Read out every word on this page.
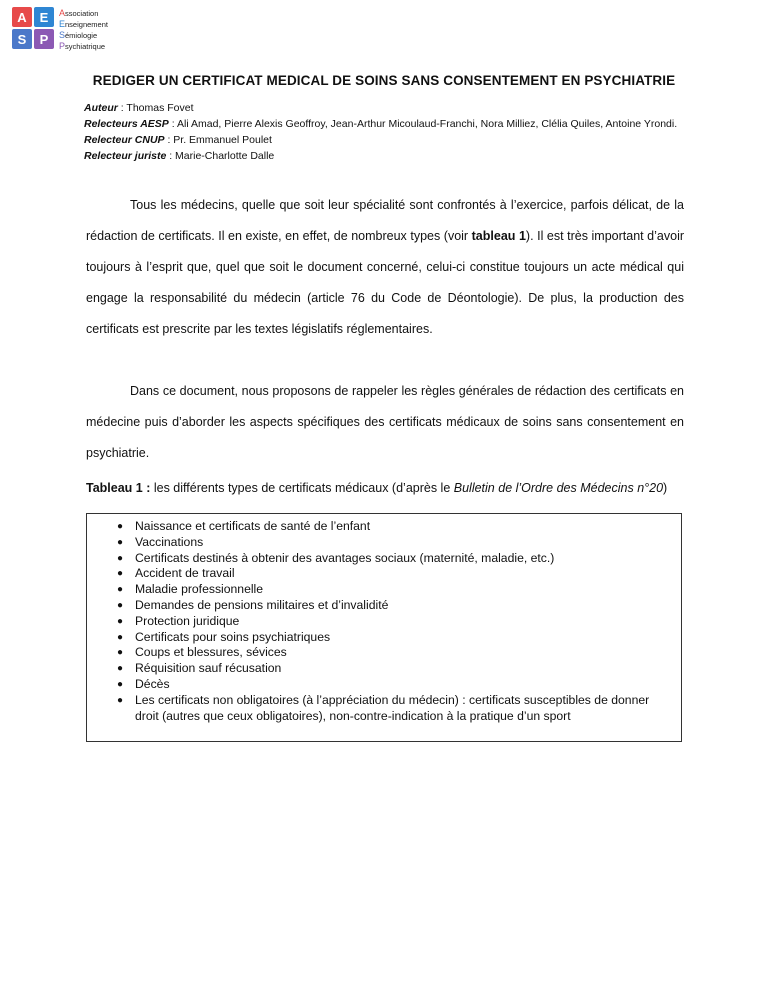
A E
S	P
Association
Enseignement
Sémiologie
Psychiatrique
REDIGER UN CERTIFICAT MEDICAL DE SOINS SANS CONSENTEMENT EN PSYCHIATRIE
Auteur : Thomas Fovet
Relecteurs AESP : Ali Amad, Pierre Alexis Geoffroy, Jean-Arthur Micoulaud-Franchi, Nora Milliez, Clélia Quiles, Antoine Yrondi.
Relecteur CNUP : Pr. Emmanuel Poulet
Relecteur juriste : Marie-Charlotte Dalle

Tous les médecins, quelle que soit leur spécialité sont confrontés à l’exercice, parfois délicat, de la rédaction de certificats. Il en existe, en effet, de nombreux types (voir tableau 1). Il est très important d’avoir toujours à l’esprit que, quel que soit le document concerné, celui-ci constitue toujours un acte médical qui engage la responsabilité du médecin (article 76 du Code de Déontologie). De plus, la production des certificats est prescrite par les textes législatifs réglementaires.

Dans ce document, nous proposons de rappeler les règles générales de rédaction des certificats en médecine puis d’aborder les aspects spécifiques des certificats médicaux de soins sans consentement en psychiatrie.

Tableau 1 : les différents types de certificats médicaux (d’après le Bulletin de l’Ordre des Médecins n°20)
● Naissance et certificats de santé de l’enfant
● Vaccinations
● Certificats destinés à obtenir des avantages sociaux (maternité, maladie, etc.)
● Accident de travail
● Maladie professionnelle
● Demandes de pensions militaires et d’invalidité
● Protection juridique
● Certificats pour soins psychiatriques
● Coups et blessures, sévices
● Réquisition sauf récusation
● Décès
● Les certificats non obligatoires (à l’appréciation du médecin) : certificats susceptibles de donner droit (autres que ceux obligatoires), non-contre-indication à la pratique d’un sport
